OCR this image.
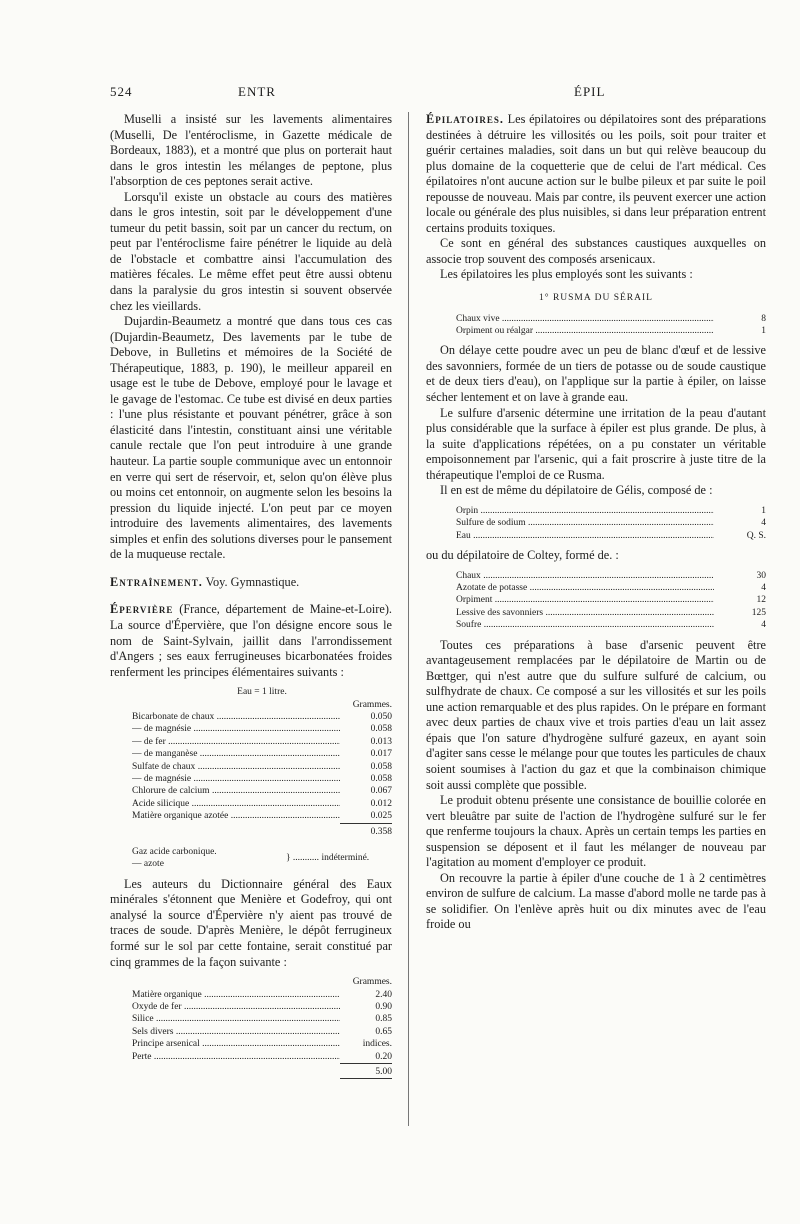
524	ENTR	ÉPIL

Muselli a insisté sur les lavements alimentaires (Muselli, De l'entéroclisme, in Gazette médicale de Bordeaux, 1883), et a montré que plus on porterait haut dans le gros intestin les mélanges de peptone, plus l'absorption de ces peptones serait active.

Lorsqu'il existe un obstacle au cours des matières dans le gros intestin, soit par le développement d'une tumeur du petit bassin, soit par un cancer du rectum, on peut par l'entéroclisme faire pénétrer le liquide au delà de l'obstacle et combattre ainsi l'accumulation des matières fécales. Le même effet peut être aussi obtenu dans la paralysie du gros intestin si souvent observée chez les vieillards.

Dujardin-Beaumetz a montré que dans tous ces cas (Dujardin-Beaumetz, Des lavements par le tube de Debove, in Bulletins et mémoires de la Société de Thérapeutique, 1883, p. 190), le meilleur appareil en usage est le tube de Debove, employé pour le lavage et le gavage de l'estomac. Ce tube est divisé en deux parties : l'une plus résistante et pouvant pénétrer, grâce à son élasticité dans l'intestin, constituant ainsi une véritable canule rectale que l'on peut introduire à une grande hauteur. La partie souple communique avec un entonnoir en verre qui sert de réservoir, et, selon qu'on élève plus ou moins cet entonnoir, on augmente selon les besoins la pression du liquide injecté. L'on peut par ce moyen introduire des lavements alimentaires, des lavements simples et enfin des solutions diverses pour le pansement de la muqueuse rectale.

Entraînement. Voy. Gymnastique.

Épervière (France, département de Maine-et-Loire). La source d'Épervière, que l'on désigne encore sous le nom de Saint-Sylvain, jaillit dans l'arrondissement d'Angers ; ses eaux ferrugineuses bicarbonatées froides renferment les principes élémentaires suivants :

Eau = 1 litre.
Grammes.
Bicarbonate de chaux .....	0.050
— de magnésie .....	0.058
— de fer .....	0.013
— de manganèse .....	0.017
Sulfate de chaux .....	0.058
— de magnésie .....	0.058
Chlorure de calcium .....	0.067
Acide silicique .....	0.012
Matière organique azotée .....	0.025
0.358
Gaz acide carbonique.
— azote
} ........... indéterminé.

Les auteurs du Dictionnaire général des Eaux minérales s'étonnent que Menière et Godefroy, qui ont analysé la source d'Épervière n'y aient pas trouvé de traces de soude. D'après Menière, le dépôt ferrugineux formé sur le sol par cette fontaine, serait constitué par cinq grammes de la façon suivante :

Grammes.
Matière organique .....	2.40
Oxyde de fer .....	0.90
Silice .....	0.85
Sels divers .....	0.65
Principe arsenical .....	indices.
Perte .....	0.20
5.00

Épilatoires. Les épilatoires ou dépilatoires sont des préparations destinées à détruire les villosités ou les poils, soit pour traiter et guérir certaines maladies, soit dans un but qui relève beaucoup du plus domaine de la coquetterie que de celui de l'art médical. Ces épilatoires n'ont aucune action sur le bulbe pileux et par suite le poil repousse de nouveau. Mais par contre, ils peuvent exercer une action locale ou générale des plus nuisibles, si dans leur préparation entrent certains produits toxiques.

Ce sont en général des substances caustiques auxquelles on associe trop souvent des composés arsenicaux.

Les épilatoires les plus employés sont les suivants :

1° RUSMA DU SÉRAIL
Chaux vive .....	8
Orpiment ou réalgar .....	1

On délaye cette poudre avec un peu de blanc d'œuf et de lessive des savonniers, formée de un tiers de potasse ou de soude caustique et de deux tiers d'eau), on l'applique sur la partie à épiler, on laisse sécher lentement et on lave à grande eau.

Le sulfure d'arsenic détermine une irritation de la peau d'autant plus considérable que la surface à épiler est plus grande. De plus, à la suite d'applications répétées, on a pu constater un véritable empoisonnement par l'arsenic, qui a fait proscrire à juste titre de la thérapeutique l'emploi de ce Rusma.

Il en est de même du dépilatoire de Gélis, composé de :

Orpin .....	1
Sulfure de sodium .....	4
Eau .....	Q. S.

ou du dépilatoire de Coltey, formé de. :

Chaux .....	30
Azotate de potasse .....	4
Orpiment .....	12
Lessive des savonniers .....	125
Soufre .....	4

Toutes ces préparations à base d'arsenic peuvent être avantageusement remplacées par le dépilatoire de Martin ou de Bœttger, qui n'est autre que du sulfure sulfuré de calcium, ou sulfhydrate de chaux. Ce composé a sur les villosités et sur les poils une action remarquable et des plus rapides. On le prépare en formant avec deux parties de chaux vive et trois parties d'eau un lait assez épais que l'on sature d'hydrogène sulfuré gazeux, en ayant soin d'agiter sans cesse le mélange pour que toutes les particules de chaux soient soumises à l'action du gaz et que la combinaison chimique soit aussi complète que possible.

Le produit obtenu présente une consistance de bouillie colorée en vert bleuâtre par suite de l'action de l'hydrogène sulfuré sur le fer que renferme toujours la chaux. Après un certain temps les parties en suspension se déposent et il faut les mélanger de nouveau par l'agitation au moment d'employer ce produit.

On recouvre la partie à épiler d'une couche de 1 à 2 centimètres environ de sulfure de calcium. La masse d'abord molle ne tarde pas à se solidifier. On l'enlève après huit ou dix minutes avec de l'eau froide ou
